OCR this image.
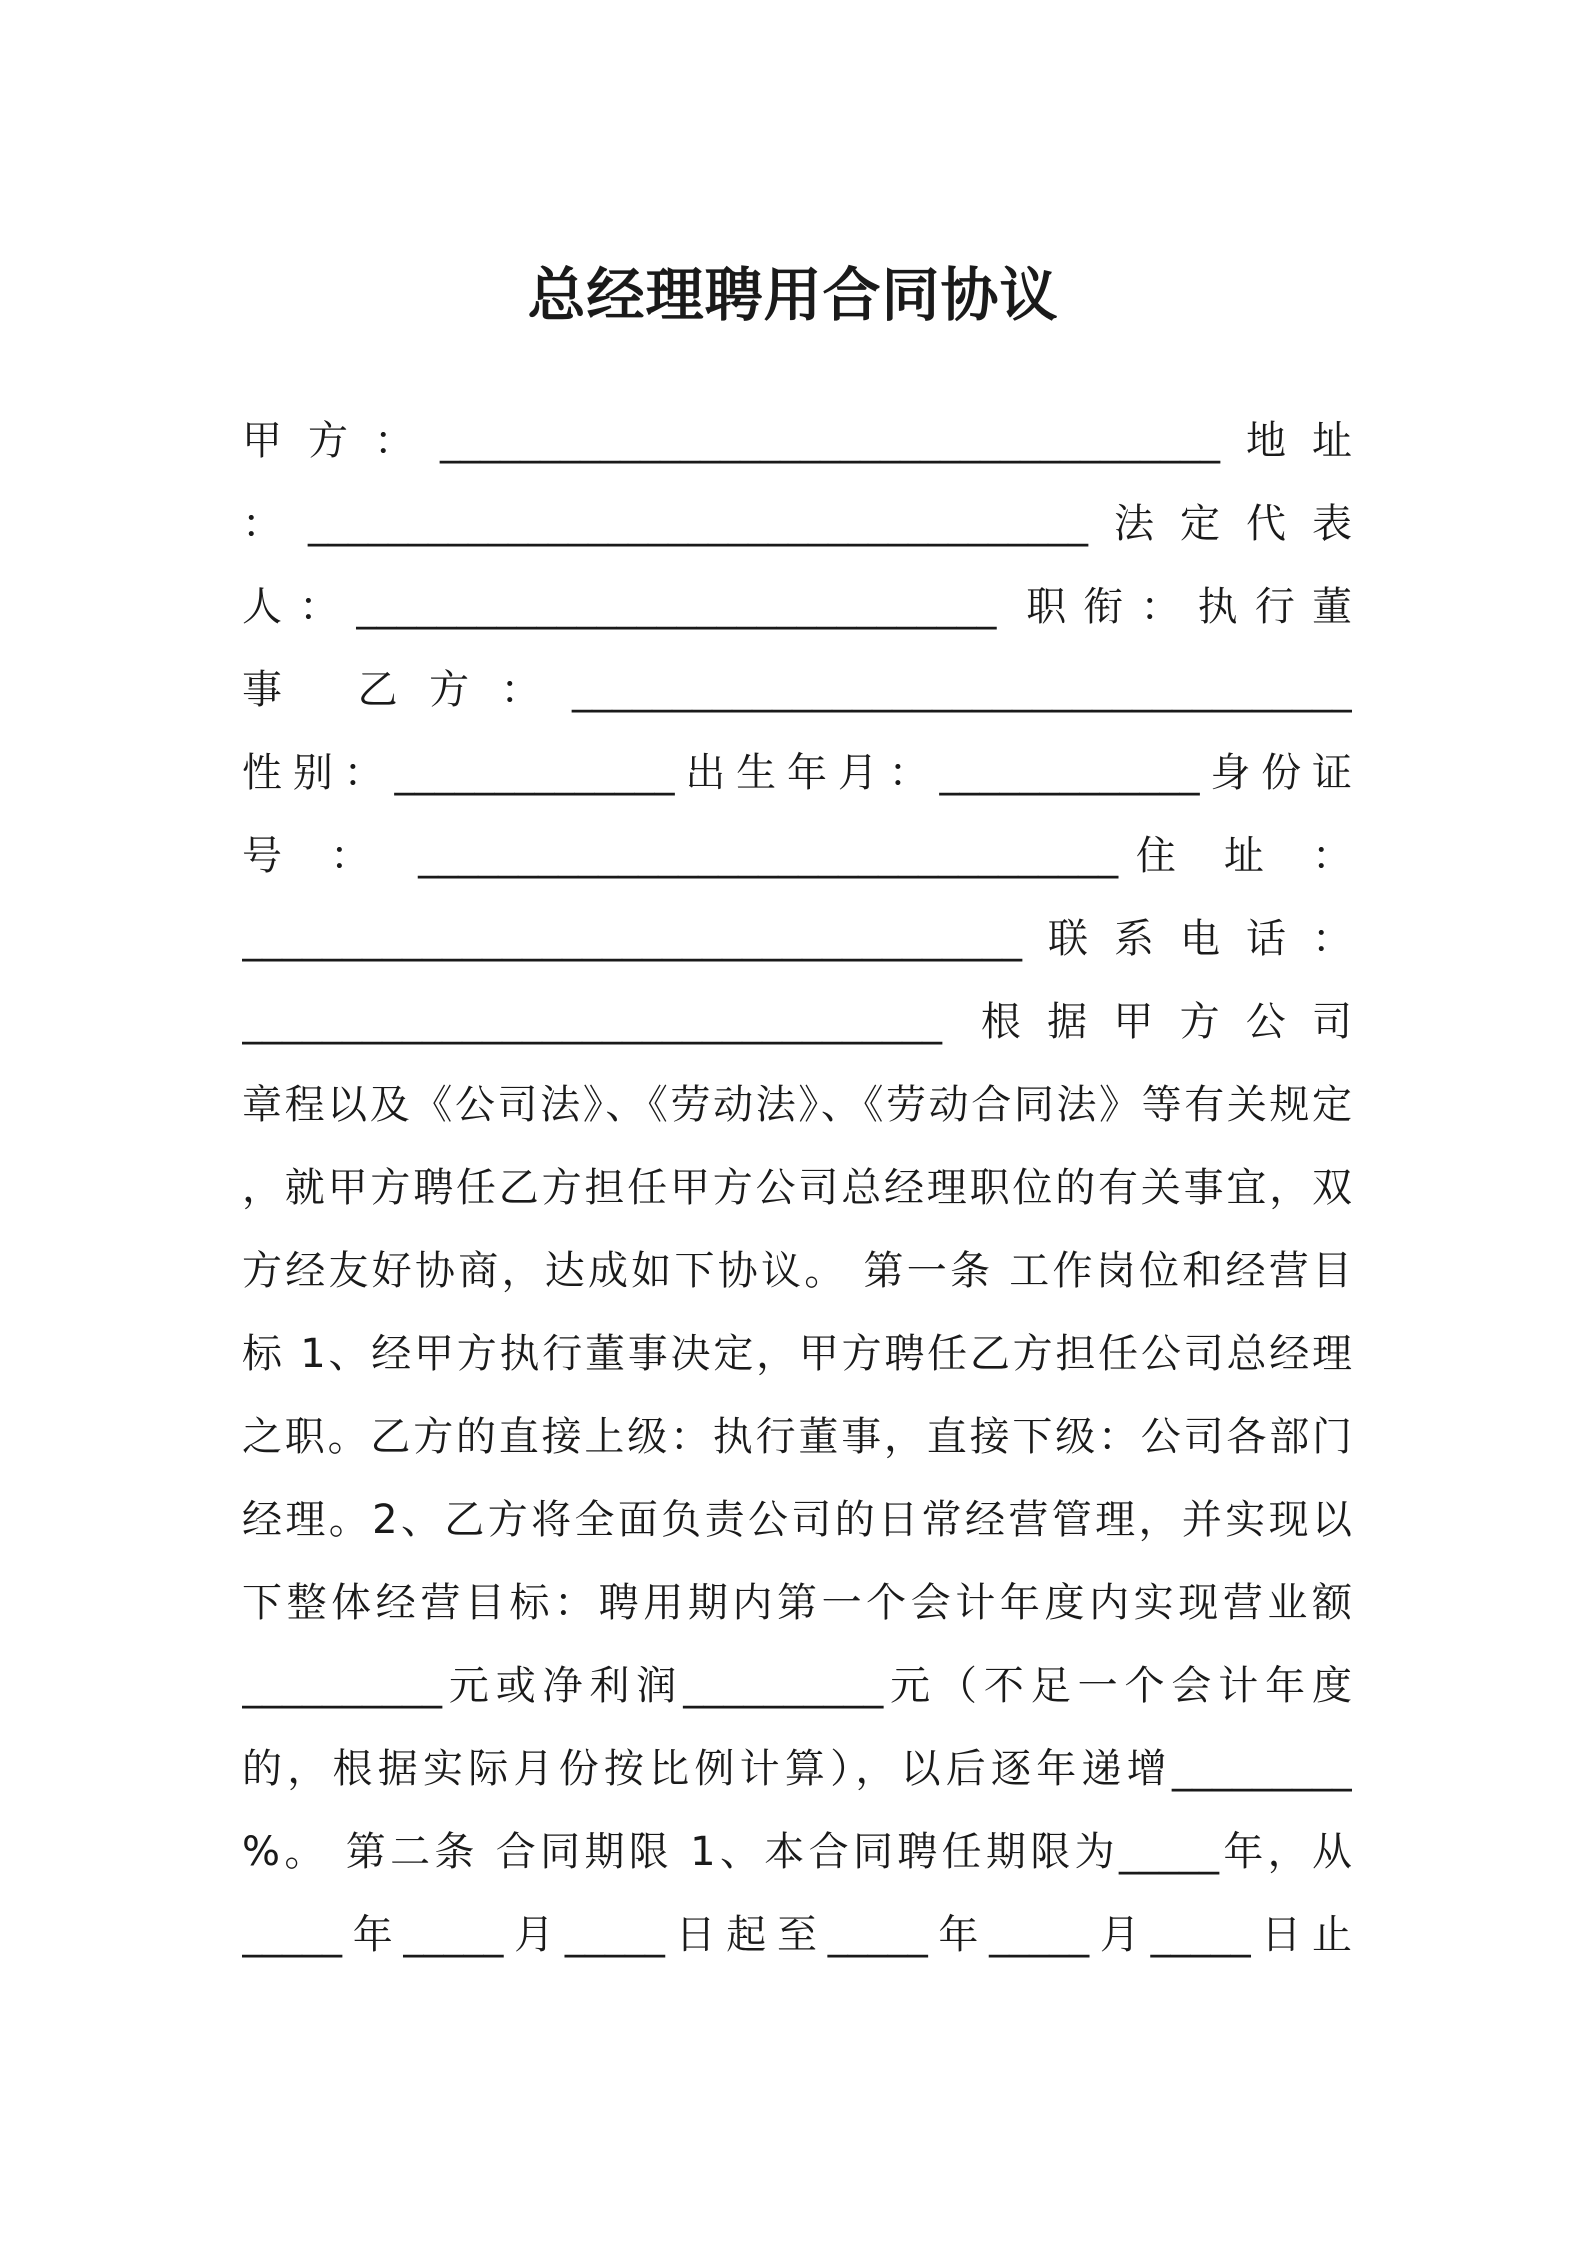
总经理聘用合同协议
甲方：_______________________________________地址
：_______________________________________法定代表
人：________________________________ 职衔：执行董
事 乙方：_______________________________________
性别：______________出生年月：_____________身份证
号 ： ___________________________________住 址 ：
_______________________________________联系电话：
___________________________________ 根据甲方公司
章程以及《公司法》、《劳动法》、《劳动合同法》等有关规定
，就甲方聘任乙方担任甲方公司总经理职位的有关事宜，双
方经友好协商，达成如下协议。 第一条 工作岗位和经营目
标 1、经甲方执行董事决定，甲方聘任乙方担任公司总经理
之职。乙方的直接上级：执行董事，直接下级：公司各部门
经理。2、乙方将全面负责公司的日常经营管理，并实现以
下整体经营目标：聘用期内第一个会计年度内实现营业额
__________元或净利润__________元（不足一个会计年度
的，根据实际月份按比例计算），以后逐年递增_________
%。 第二条 合同期限 1、本合同聘任期限为_____年，从
_____年_____月_____日起至_____年_____月_____日止
